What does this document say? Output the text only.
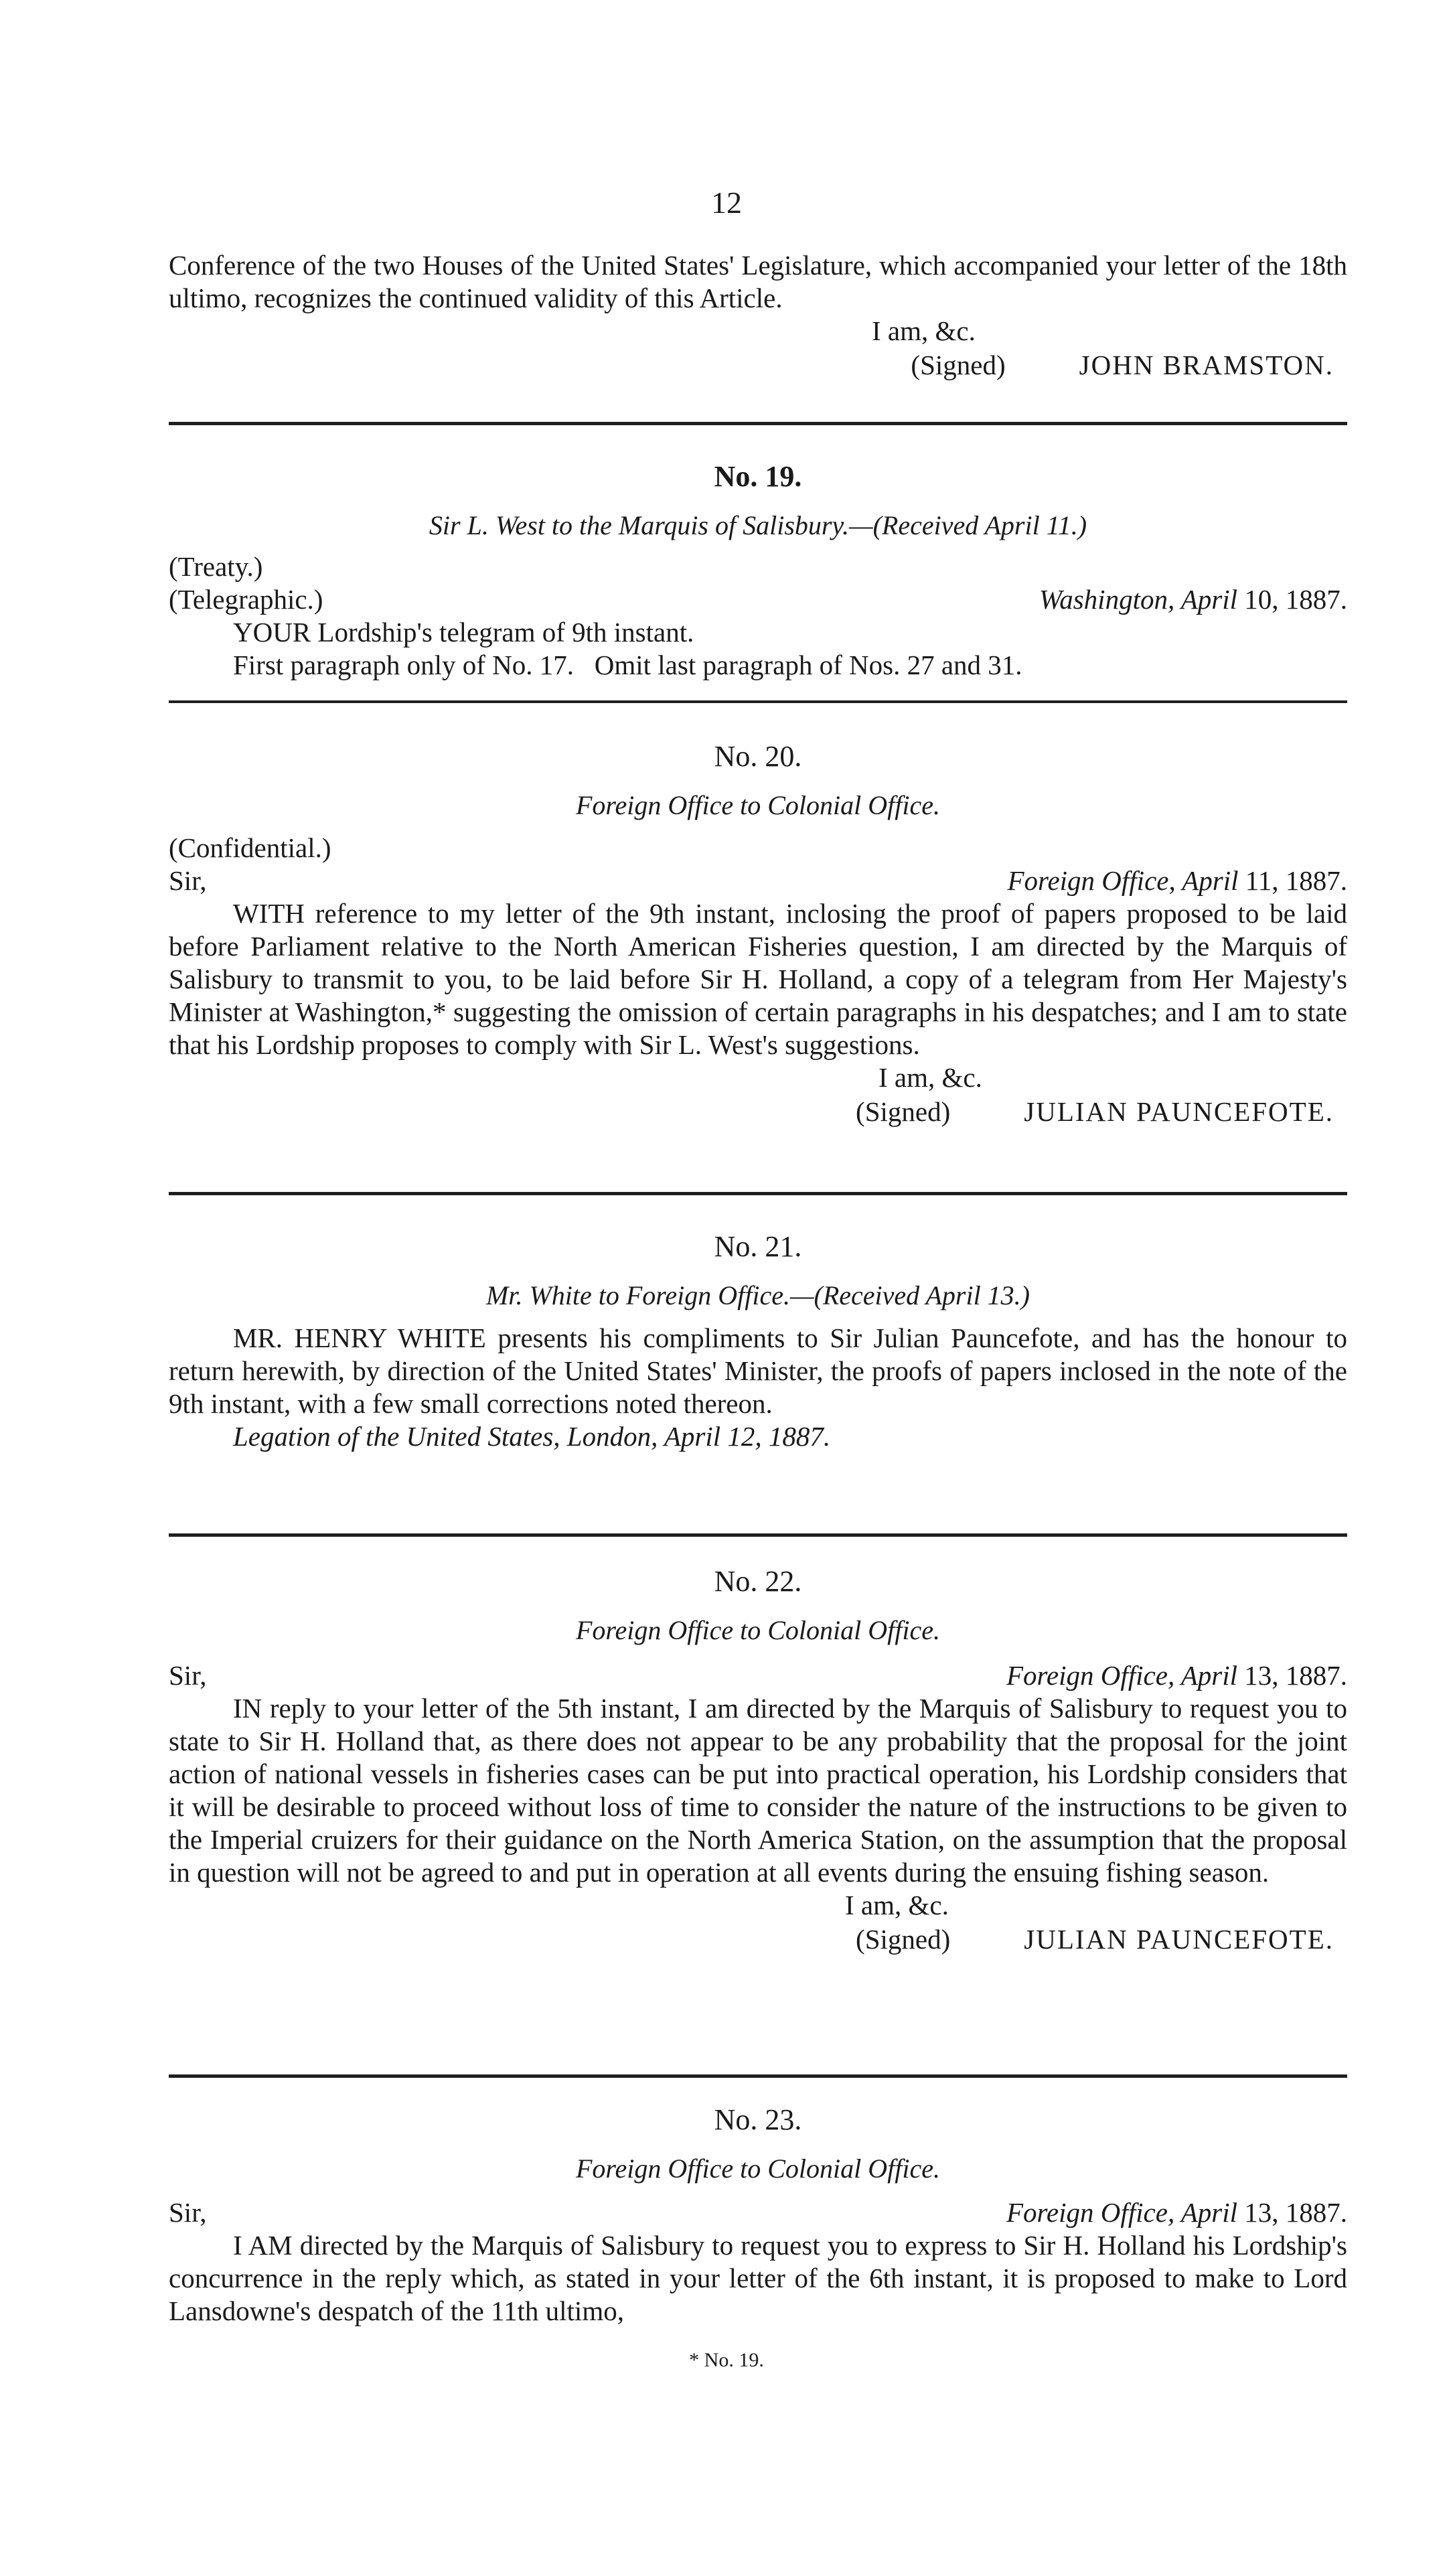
12

Conference of the two Houses of the United States' Legislature, which accompanied your letter of the 18th ultimo, recognizes the continued validity of this Article.

I am, &c.
(Signed)	JOHN BRAMSTON.
No. 19.
Sir L. West to the Marquis of Salisbury.—(Received April 11.)
(Treaty.)
(Telegraphic.)	Washington, April 10, 1887.

YOUR Lordship's telegram of 9th instant.

First paragraph only of No. 17.   Omit last paragraph of Nos. 27 and 31.

No. 20.
Foreign Office to Colonial Office.
(Confidential.)
Sir,	Foreign Office, April 11, 1887.

WITH reference to my letter of the 9th instant, inclosing the proof of papers proposed to be laid before Parliament relative to the North American Fisheries question, I am directed by the Marquis of Salisbury to transmit to you, to be laid before Sir H. Holland, a copy of a telegram from Her Majesty's Minister at Washington,* suggesting the omission of certain paragraphs in his despatches; and I am to state that his Lordship proposes to comply with Sir L. West's suggestions.

I am, &c.
(Signed)	JULIAN PAUNCEFOTE.
No. 21.
Mr. White to Foreign Office.—(Received April 13.)

MR. HENRY WHITE presents his compliments to Sir Julian Pauncefote, and has the honour to return herewith, by direction of the United States' Minister, the proofs of papers inclosed in the note of the 9th instant, with a few small corrections noted thereon.

Legation of the United States, London, April 12, 1887.

No. 22.
Foreign Office to Colonial Office.
Sir,	Foreign Office, April 13, 1887.

IN reply to your letter of the 5th instant, I am directed by the Marquis of Salisbury to request you to state to Sir H. Holland that, as there does not appear to be any probability that the proposal for the joint action of national vessels in fisheries cases can be put into practical operation, his Lordship considers that it will be desirable to proceed without loss of time to consider the nature of the instructions to be given to the Imperial cruizers for their guidance on the North America Station, on the assumption that the proposal in question will not be agreed to and put in operation at all events during the ensuing fishing season.

I am, &c.
(Signed)	JULIAN PAUNCEFOTE.
No. 23.
Foreign Office to Colonial Office.
Sir,	Foreign Office, April 13, 1887.

I AM directed by the Marquis of Salisbury to request you to express to Sir H. Holland his Lordship's concurrence in the reply which, as stated in your letter of the 6th instant, it is proposed to make to Lord Lansdowne's despatch of the 11th ultimo,

* No. 19.
